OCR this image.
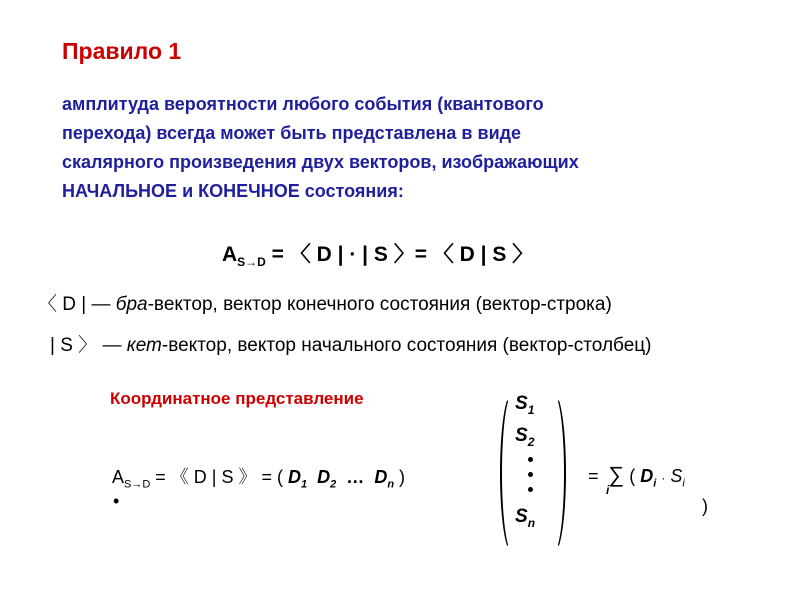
Правило 1
амплитуда вероятности любого события (квантового
перехода) всегда может быть представлена в виде
скалярного произведения двух векторов, изображающих
НАЧАЛЬНОЕ и КОНЕЧНОЕ состояния:
$A_{S\to D}$ = 〈 D | · | S 〉= 〈 D | S 〉
〈 D | — бра-вектор, вектор конечного состояния (вектор-строка)
| S 〉 — кет-вектор, вектор начального состояния (вектор-столбец)
Координатное представление
$A_{S\to D}$ = 《 D | S 》 = ( $D_1$ $D_2$ … $D_n$ )
•
$S_1$
$S_2$
$S_n$
= ∑ ( $D_i \cdot S_i$
i
)
